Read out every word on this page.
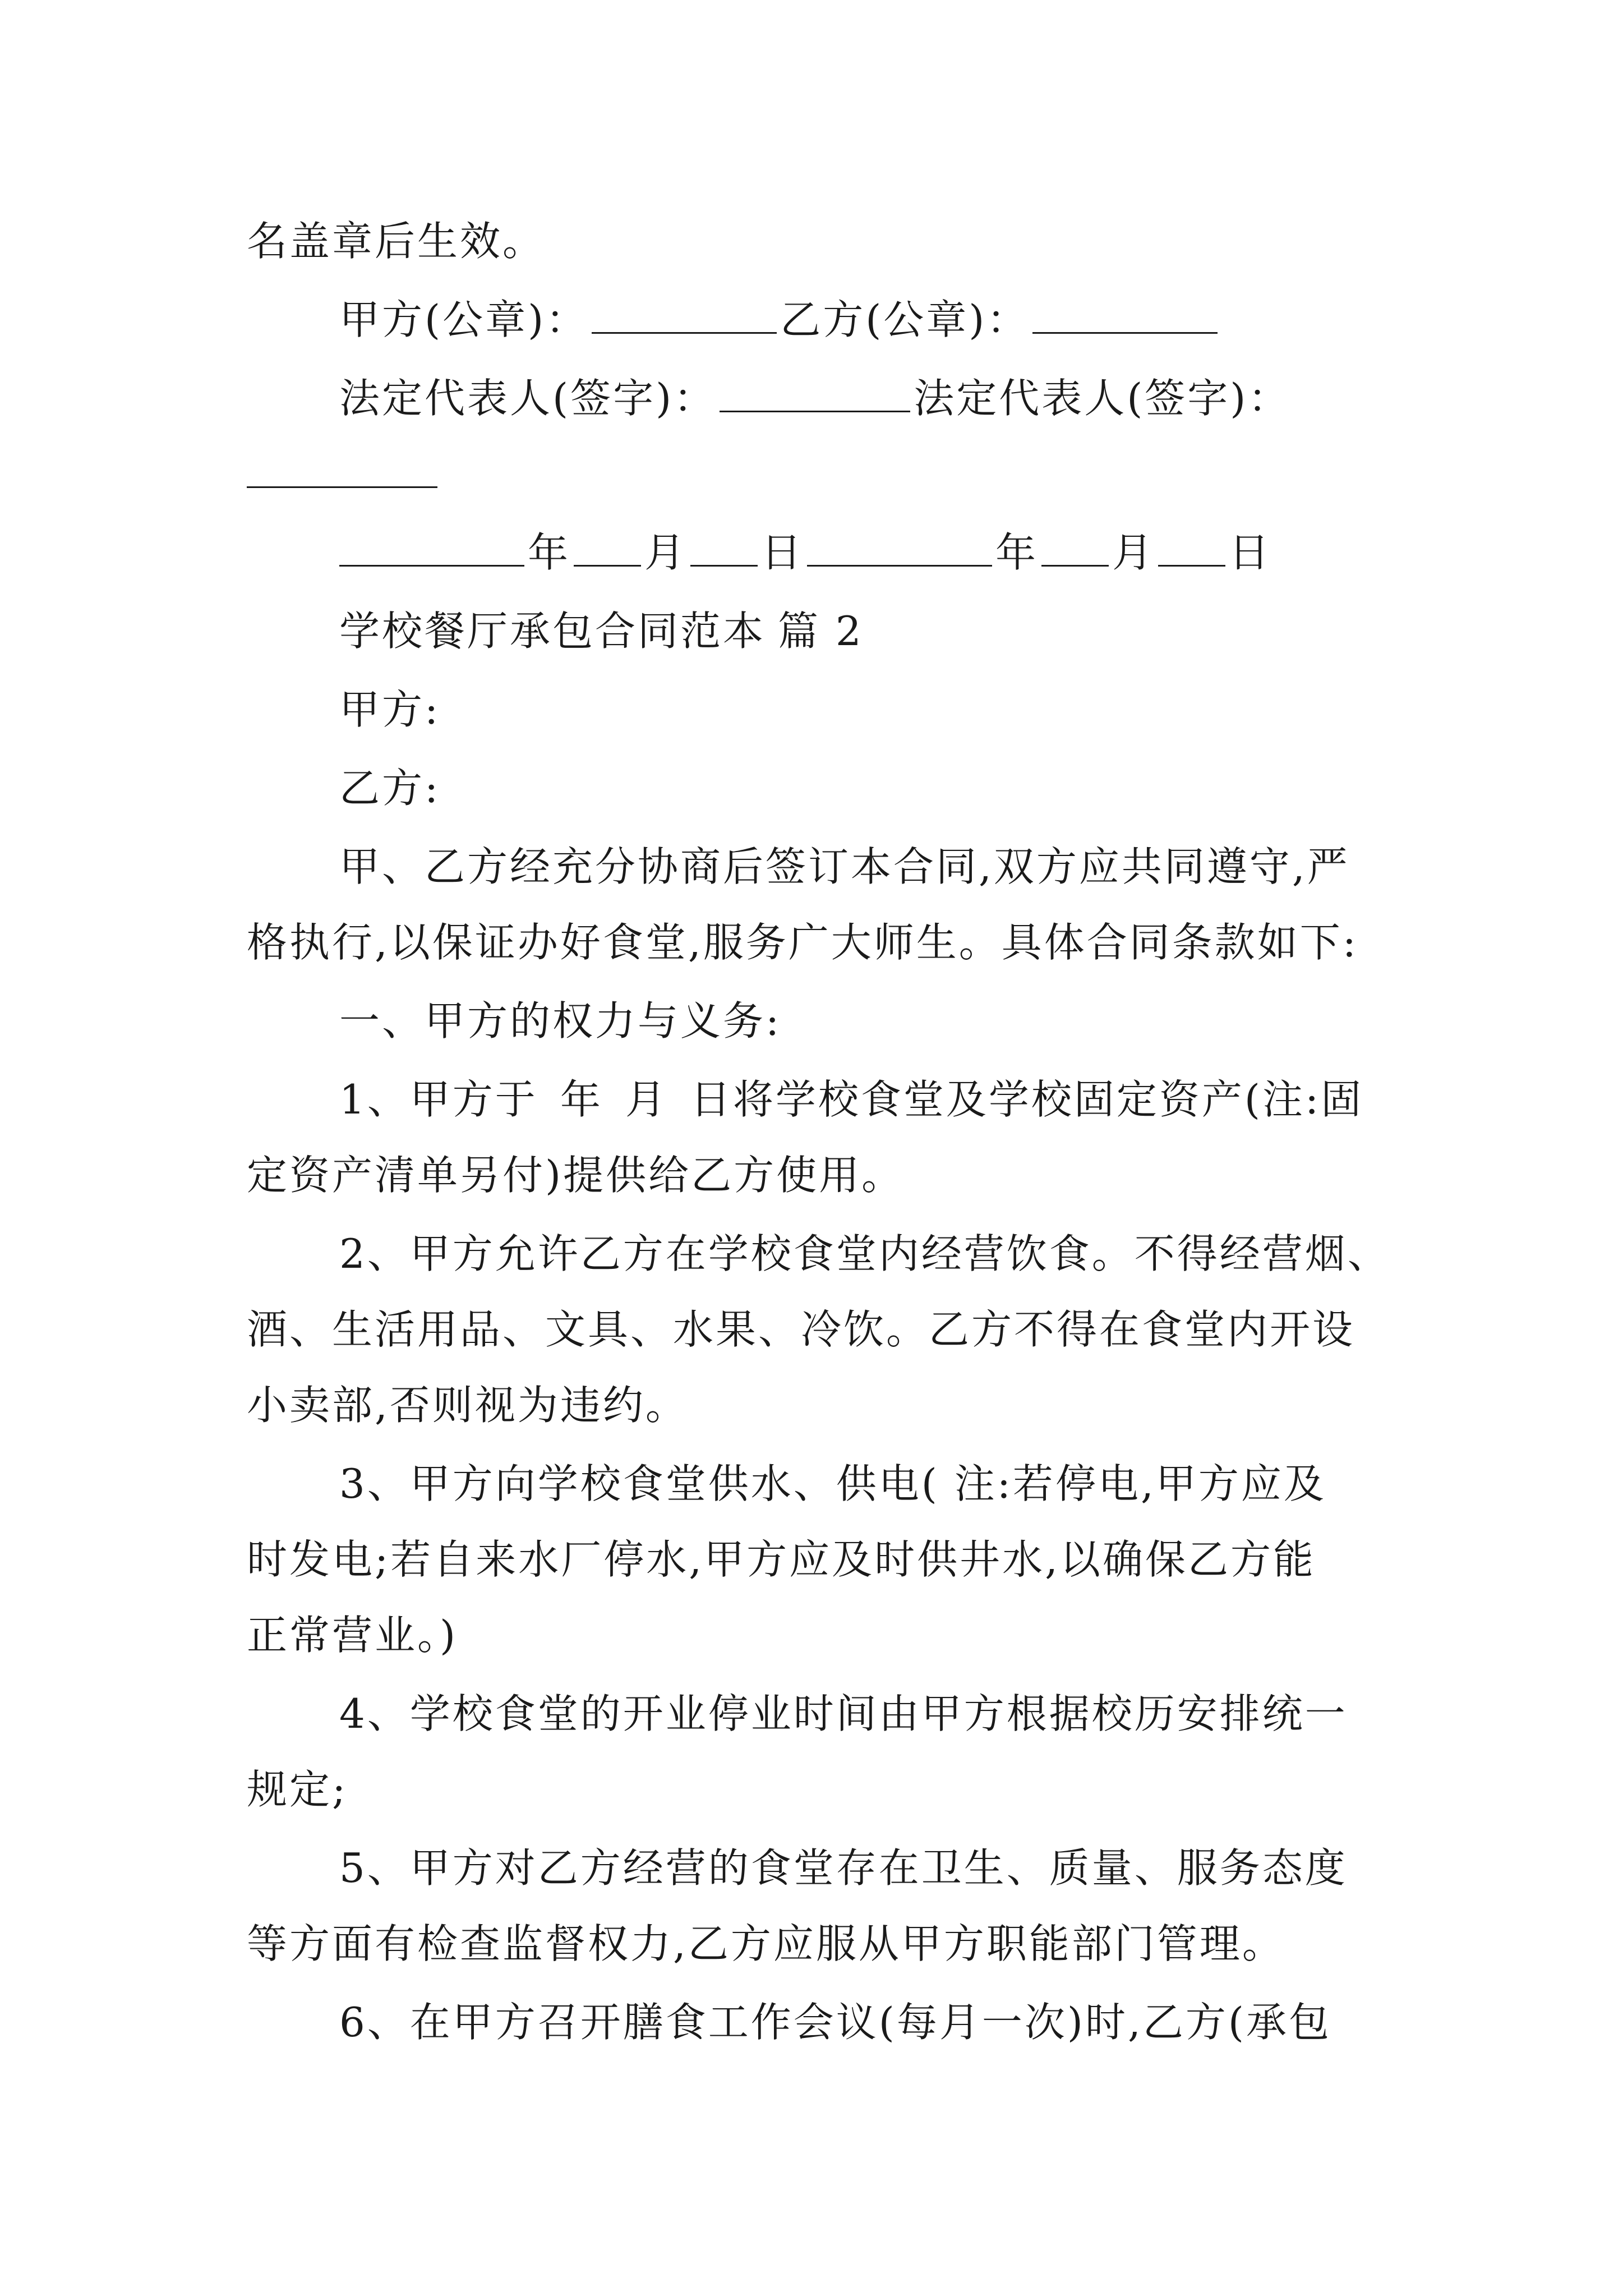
名盖章后生效。
甲方(公章)：	乙方(公章)：
法定代表人(签字)：	法定代表人(签字)：
年 月 日	年 月 日
学校餐厅承包合同范本 篇 2
甲方:
乙方:
甲、乙方经充分协商后签订本合同,双方应共同遵守,严
格执行,以保证办好食堂,服务广大师生。具体合同条款如下:
一、甲方的权力与义务:
1、甲方于 年 月 日将学校食堂及学校固定资产(注:固
定资产清单另付)提供给乙方使用。
2、甲方允许乙方在学校食堂内经营饮食。不得经营烟、
酒、生活用品、文具、水果、冷饮。乙方不得在食堂内开设
小卖部,否则视为违约。
3、甲方向学校食堂供水、供电( 注:若停电,甲方应及
时发电;若自来水厂停水,甲方应及时供井水,以确保乙方能
正常营业。)
4、学校食堂的开业停业时间由甲方根据校历安排统一
规定;
5、甲方对乙方经营的食堂存在卫生、质量、服务态度
等方面有检查监督权力,乙方应服从甲方职能部门管理。
6、在甲方召开膳食工作会议(每月一次)时,乙方(承包
